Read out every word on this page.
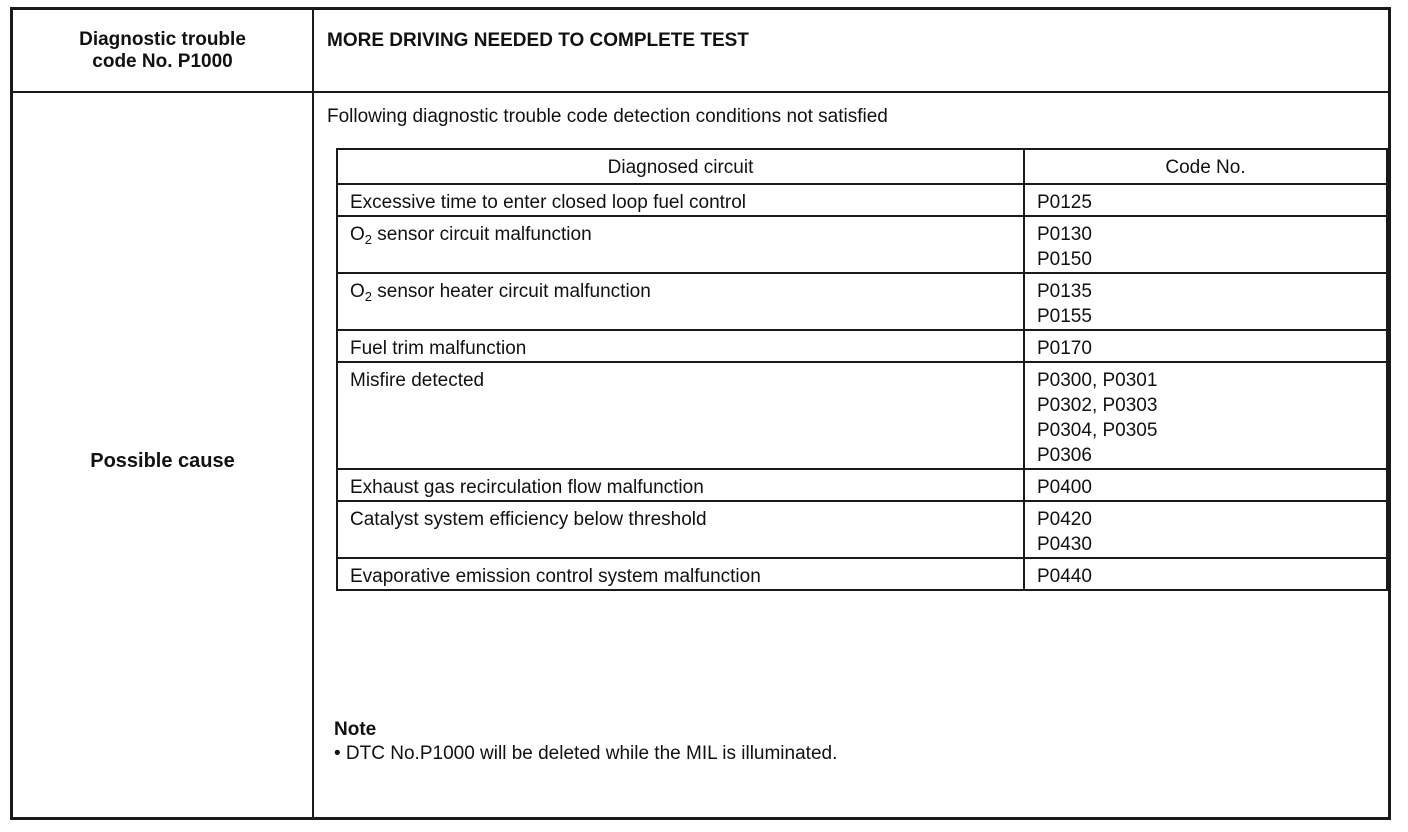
Diagnostic trouble
code No. P1000
MORE DRIVING NEEDED TO COMPLETE TEST
Possible cause
Following diagnostic trouble code detection conditions not satisfied
Diagnosed circuit	Code No.
Excessive time to enter closed loop fuel control	P0125

$O_2$ sensor circuit malfunction	P0130
P0150

$O_2$ sensor heater circuit malfunction	P0135
P0155

Fuel trim malfunction	P0170

Misfire detected	P0300, P0301
P0302, P0303
P0304, P0305
P0306

Exhaust gas recirculation flow malfunction	P0400

Catalyst system efficiency below threshold	P0420
P0430

Evaporative emission control system malfunction	P0440
Note
• DTC No.P1000 will be deleted while the MIL is illuminated.
